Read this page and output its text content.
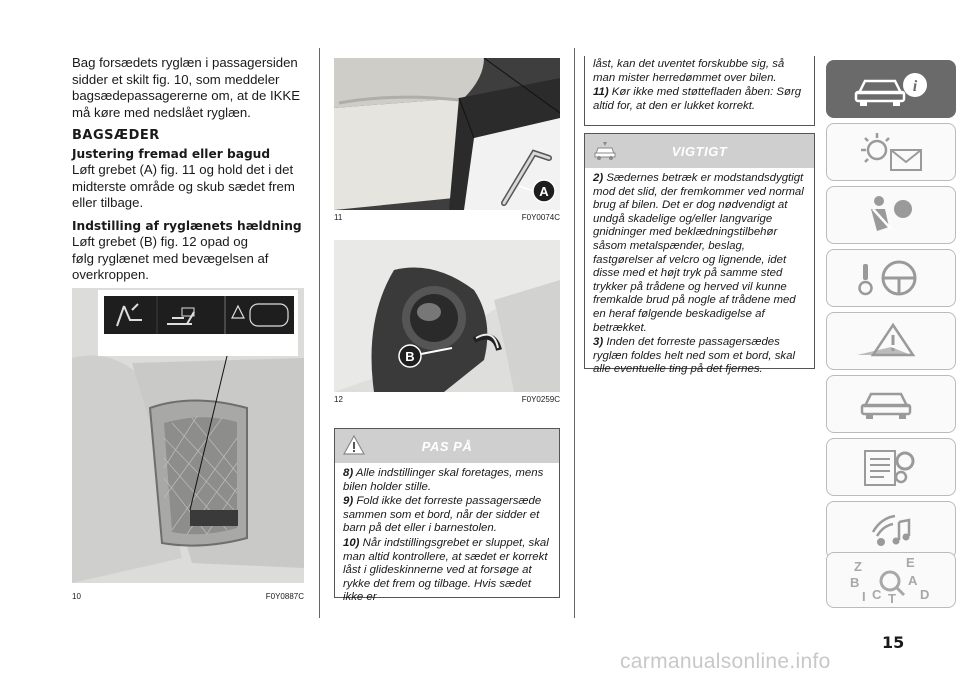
Bag forsædets ryglæn i passagersiden sidder et skilt fig. 10, som meddeler bagsædepassagererne om, at de IKKE må køre med nedslået ryglæn.

BAGSÆDER

Justering fremad eller bagud

Løft grebet (A) fig. 11 og hold det i det midterste område og skub sædet frem eller tilbage.

Indstilling af ryglænets hældning

Løft grebet (B) fig. 12 opad og følg ryglænet med bevægelsen af overkroppen.

10	F0Y0887C
A
11	F0Y0074C
B
12	F0Y0259C
PAS PÅ

8) Alle indstillinger skal foretages, mens bilen holder stille.

9) Fold ikke det forreste passagersæde sammen som et bord, når der sidder et barn på det eller i barnestolen.

10) Når indstillingsgrebet er sluppet, skal man altid kontrollere, at sædet er korrekt låst i glideskinnerne ved at forsøge at rykke det frem og tilbage. Hvis sædet ikke er

låst, kan det uventet forskubbe sig, så man mister herredømmet over bilen.

11) Kør ikke med støttefladen åben: Sørg altid for, at den er lukket korrekt.

VIGTIGT

2) Sædernes betræk er modstandsdygtigt mod det slid, der fremkommer ved normal brug af bilen. Det er dog nødvendigt at undgå skadelige og/eller langvarige gnidninger med beklædningstilbehør såsom metalspænder, beslag, fastgørelser af velcro og lignende, idet disse med et højt tryk på samme sted trykker på trådene og herved vil kunne fremkalde brud på nogle af trådene med en heraf følgende beskadigelse af betrækket.

3) Inden det forreste passagersædes ryglæn foldes helt ned som et bord, skal alle eventuelle ting på det fjernes.

i
Z	E
B	A
I C T D
15
carmanualsonline.info
